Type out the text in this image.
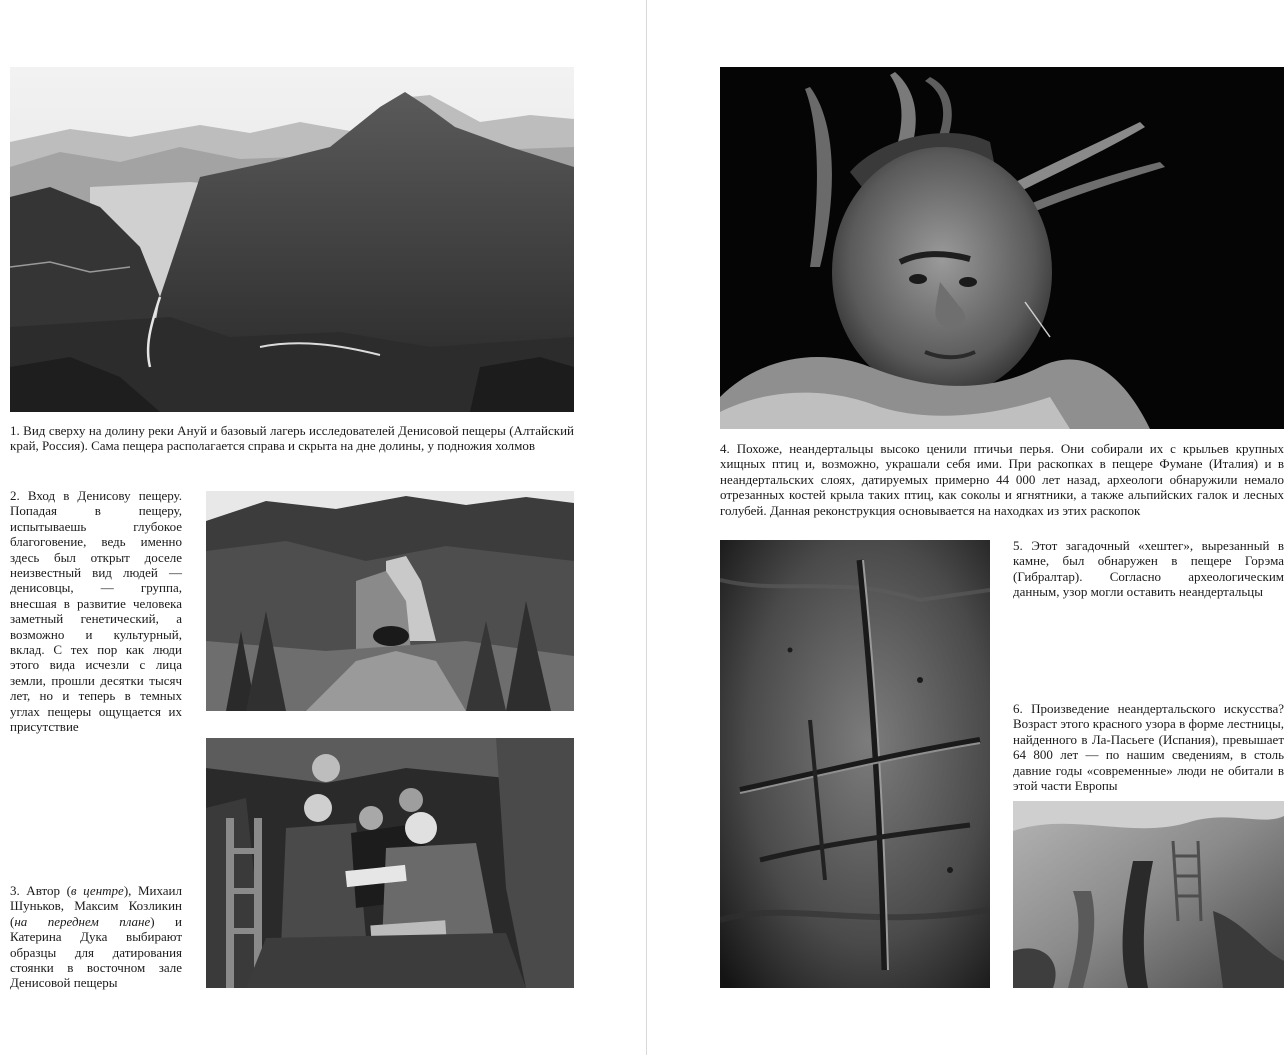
1. Вид сверху на долину реки Ануй и базовый лагерь исследователей Денисовой пещеры (Алтайский край, Россия). Сама пещера располагается справа и скрыта на дне долины, у подножия холмов

2. Вход в Денисову пещеру. Попадая в пещеру, испытываешь глубокое благоговение, ведь именно здесь был открыт доселе неизвестный вид людей — денисовцы, — группа, внесшая в развитие человека заметный генетический, а возможно и культурный, вклад. С тех пор как люди этого вида исчезли с лица земли, прошли десятки тысяч лет, но и теперь в темных углах пещеры ощущается их присутствие

3. Автор (в центре), Михаил Шуньков, Максим Козликин (на переднем плане) и Катерина Дука выбирают образцы для датирования стоянки в восточном зале Денисовой пещеры

4. Похоже, неандертальцы высоко ценили птичьи перья. Они собирали их с крыльев крупных хищных птиц и, возможно, украшали себя ими. При раскопках в пещере Фумане (Италия) и в неандертальских слоях, датируемых примерно 44 000 лет назад, археологи обнаружили немало отрезанных костей крыла таких птиц, как соколы и ягнятники, а также альпийских галок и лесных голубей. Данная реконструкция основывается на находках из этих раскопок

5. Этот загадочный «хештег», вырезанный в камне, был обнаружен в пещере Горэма (Гибралтар). Согласно археологическим данным, узор могли оставить неандертальцы

6. Произведение неандертальского искусства? Возраст этого красного узора в форме лестницы, найденного в Ла-Пасьеге (Испания), превышает 64 800 лет — по нашим сведениям, в столь давние годы «современные» люди не обитали в этой части Европы
